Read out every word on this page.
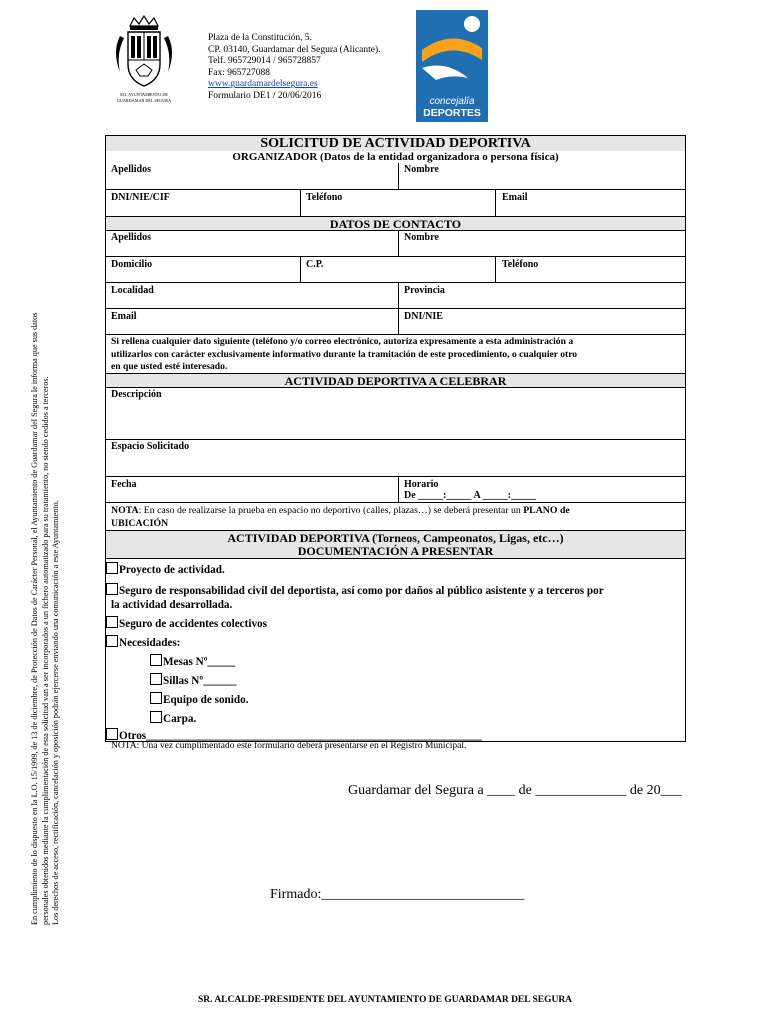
M.I. AYUNTAMIENTO DE
GUARDAMAR DEL SEGURA
Plaza de la Constitución, 5.
CP. 03140, Guardamar del Segura (Alicante).
Telf. 965729014 / 965728857
Fax: 965727088
www.guardamardelsegura.es
Formulario DE1 / 20/06/2016
concejalía
DEPORTES
En cumplimiento de lo dispuesto en la L.O. 15/1999, de 13 de diciembre, de Protección de Datos de Carácter Personal, el Ayuntamiento de Guardamar del Segura le informa que sus datos personales obtenidos mediante la cumplimentación de esta solicitud van a ser incorporados a un fichero automatizado para su tratamiento, no siendo cedidos a terceros. Los derechos de acceso, rectificación, cancelación y oposición podrán ejercerse enviando una comunicación a este Ayuntamiento.
SOLICITUD DE ACTIVIDAD DEPORTIVA
ORGANIZADOR (Datos de la entidad organizadora o persona física)
Apellidos	Nombre
DNI/NIE/CIF	Teléfono	Email
DATOS DE CONTACTO
Apellidos	Nombre
Domicilio	C.P.	Teléfono
Localidad	Provincia
Email	DNI/NIE
Si rellena cualquier dato siguiente (teléfono y/o correo electrónico, autoriza expresamente a esta administración a
utilizarlos con carácter exclusivamente informativo durante la tramitación de este procedimiento, o cualquier otro
en que usted esté interesado.
ACTIVIDAD DEPORTIVA A CELEBRAR
Descripción
Espacio Solicitado
Fecha	Horario
De _____:_____ A _____:_____
NOTA: En caso de realizarse la prueba en espacio no deportivo (calles, plazas…) se deberá presentar un PLANO de
UBICACIÓN
ACTIVIDAD DEPORTIVA (Torneos, Campeonatos, Ligas, etc…)
DOCUMENTACIÓN A PRESENTAR
Proyecto de actividad.
Seguro de responsabilidad civil del deportista, así como por daños al público asistente y a terceros por
la actividad desarrollada.
Seguro de accidentes colectivos
Necesidades:
Mesas Nº_____
Sillas Nº______
Equipo de sonido.
Carpa.
Otros____________________________________________________________
NOTA: Una vez cumplimentado este formulario deberá presentarse en el Registro Municipal.
Guardamar del Segura a ____ de _____________ de 20___
Firmado:_____________________________
SR. ALCALDE-PRESIDENTE DEL AYUNTAMIENTO DE GUARDAMAR DEL SEGURA
